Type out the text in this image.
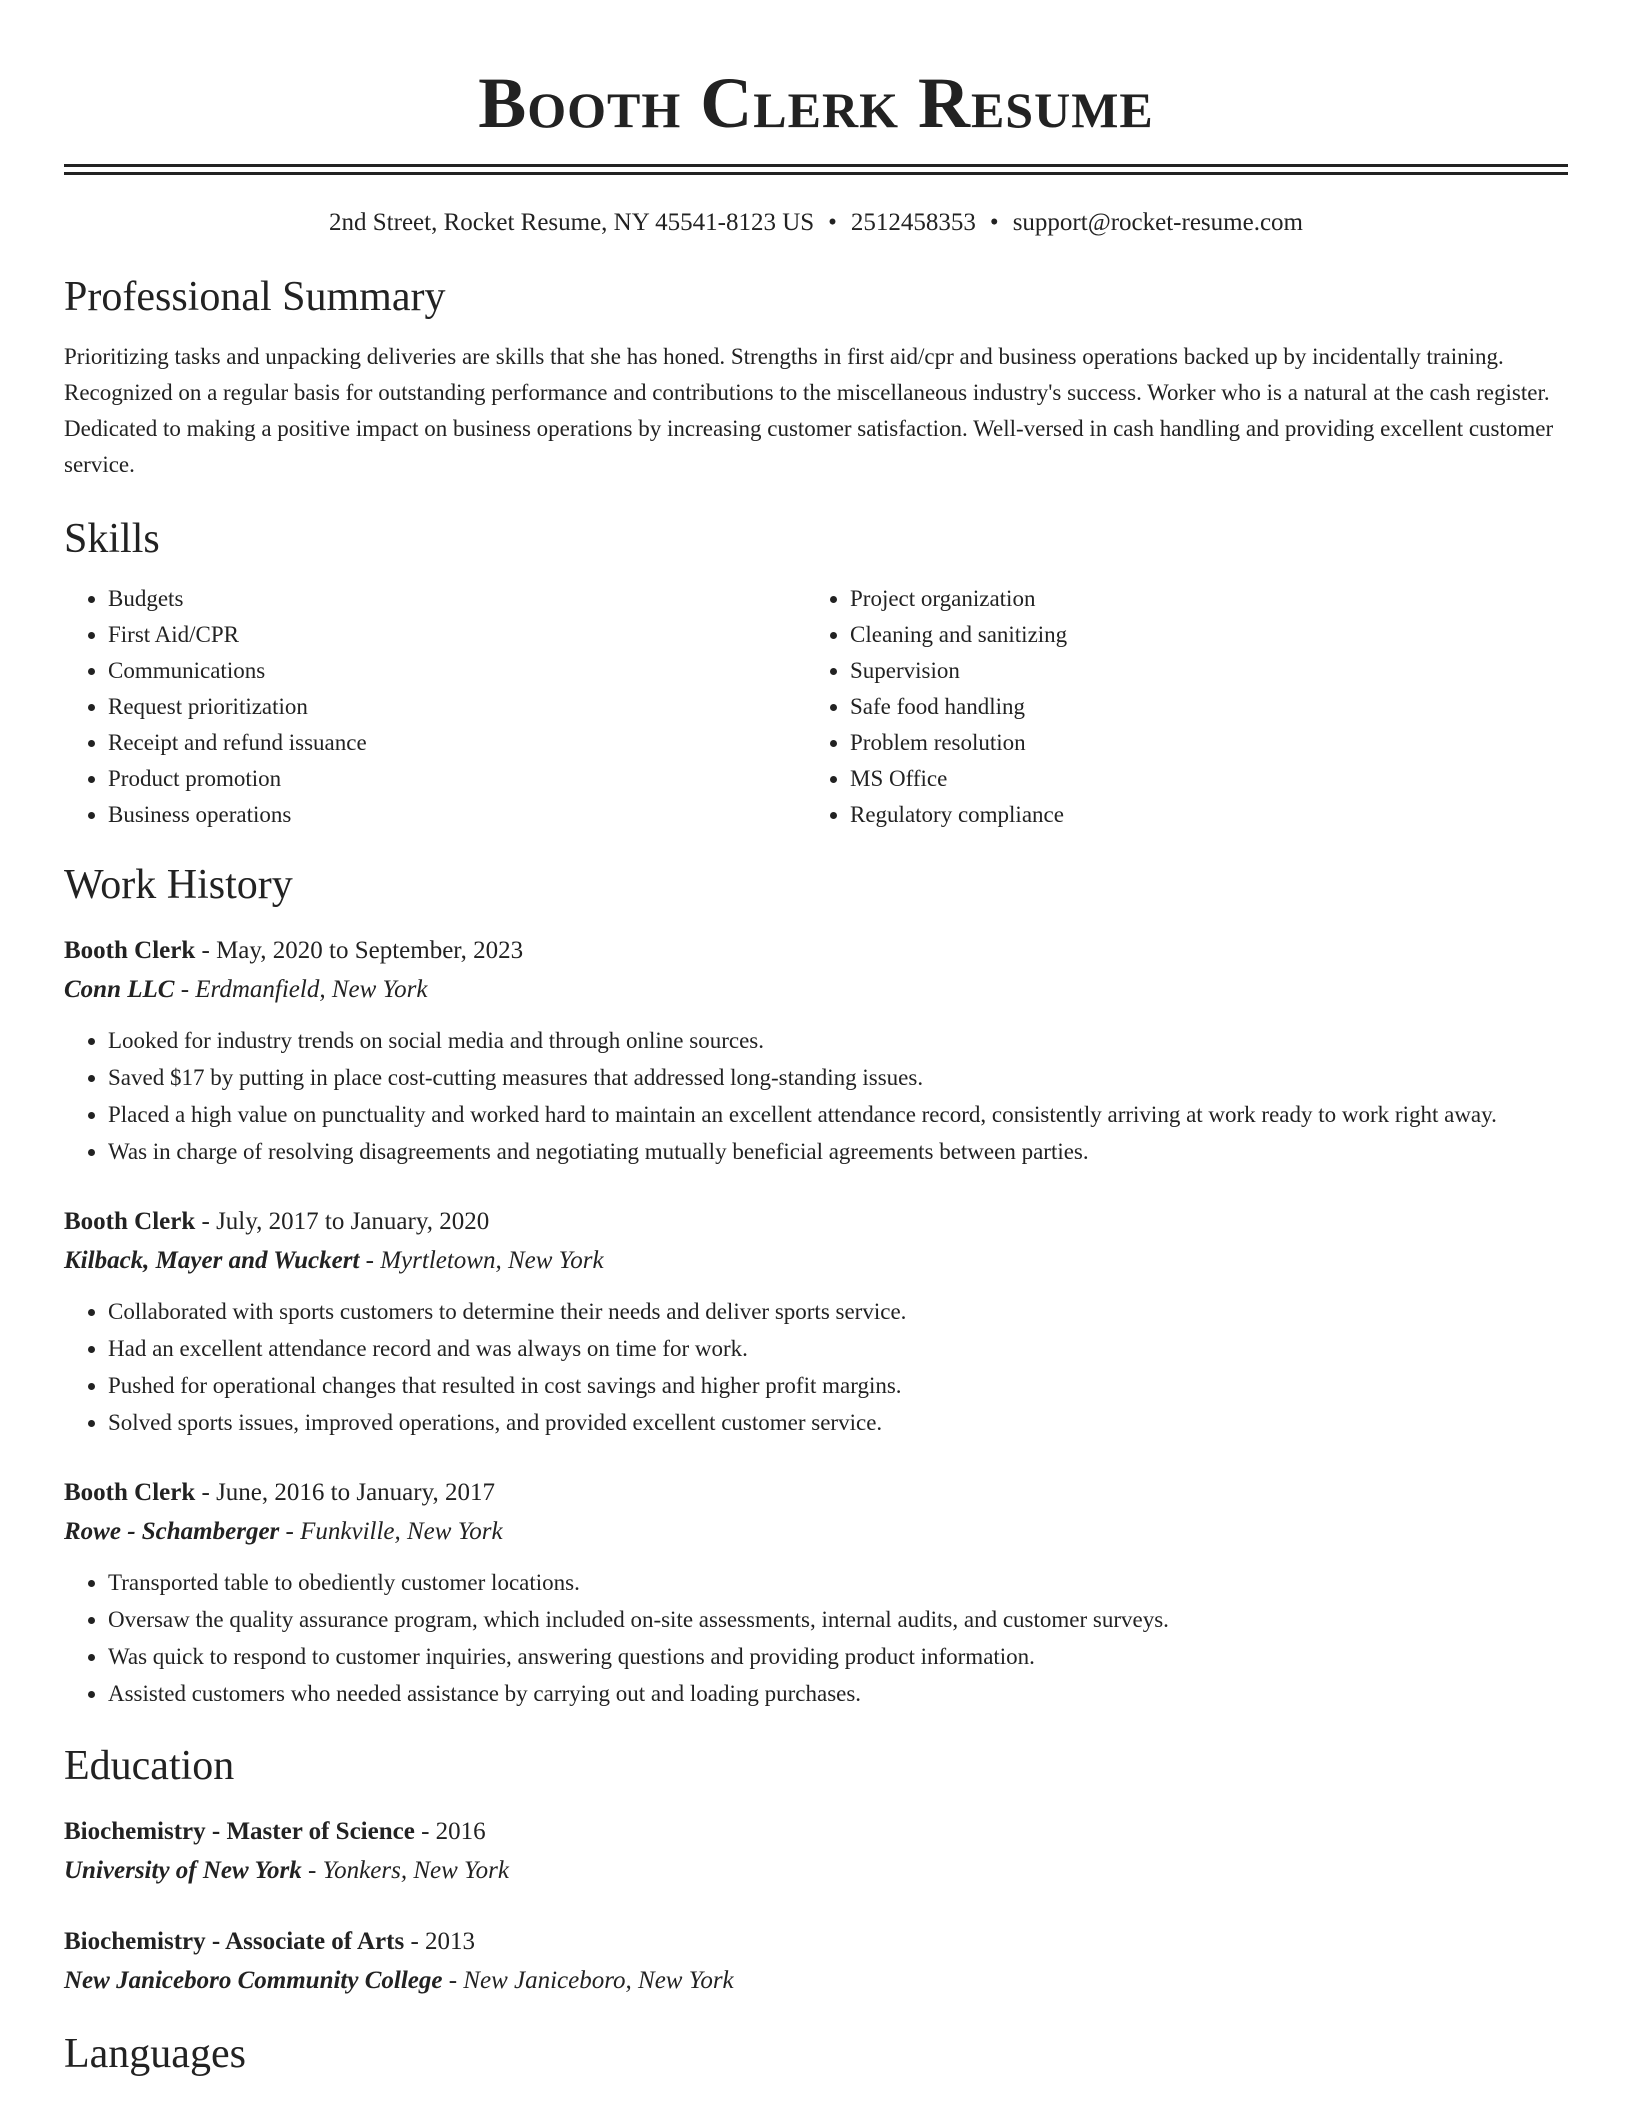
Booth Clerk Resume
2nd Street, Rocket Resume, NY 45541-8123 US • 2512458353 • support@rocket-resume.com
Professional Summary
Prioritizing tasks and unpacking deliveries are skills that she has honed. Strengths in first aid/cpr and business operations backed up by incidentally training. Recognized on a regular basis for outstanding performance and contributions to the miscellaneous industry's success. Worker who is a natural at the cash register. Dedicated to making a positive impact on business operations by increasing customer satisfaction. Well-versed in cash handling and providing excellent customer service.
Skills
• Budgets
• First Aid/CPR
• Communications
• Request prioritization
• Receipt and refund issuance
• Product promotion
• Business operations
• Project organization
• Cleaning and sanitizing
• Supervision
• Safe food handling
• Problem resolution
• MS Office
• Regulatory compliance
Work History
Booth Clerk - May, 2020 to September, 2023
Conn LLC - Erdmanfield, New York
• Looked for industry trends on social media and through online sources.
• Saved $17 by putting in place cost-cutting measures that addressed long-standing issues.
• Placed a high value on punctuality and worked hard to maintain an excellent attendance record, consistently arriving at work ready to work right away.
• Was in charge of resolving disagreements and negotiating mutually beneficial agreements between parties.
Booth Clerk - July, 2017 to January, 2020
Kilback, Mayer and Wuckert - Myrtletown, New York
• Collaborated with sports customers to determine their needs and deliver sports service.
• Had an excellent attendance record and was always on time for work.
• Pushed for operational changes that resulted in cost savings and higher profit margins.
• Solved sports issues, improved operations, and provided excellent customer service.
Booth Clerk - June, 2016 to January, 2017
Rowe - Schamberger - Funkville, New York
• Transported table to obediently customer locations.
• Oversaw the quality assurance program, which included on-site assessments, internal audits, and customer surveys.
• Was quick to respond to customer inquiries, answering questions and providing product information.
• Assisted customers who needed assistance by carrying out and loading purchases.
Education
Biochemistry - Master of Science - 2016
University of New York - Yonkers, New York
Biochemistry - Associate of Arts - 2013
New Janiceboro Community College - New Janiceboro, New York
Languages
